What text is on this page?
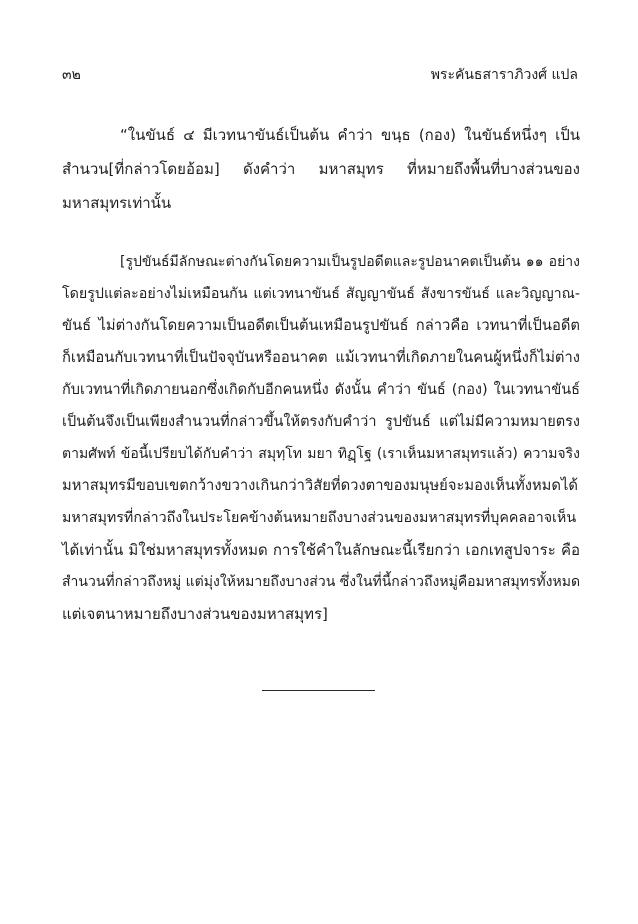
๓๒	พระคันธสาราภิวงศ์ แปล
“ในขันธ์ ๔ มีเวทนาขันธ์เป็นต้น คำว่า ขนฺธ (กอง) ในขันธ์หนึ่งๆ เป็น
สำนวน[ที่กล่าวโดยอ้อม] ดังคำว่า มหาสมุทร ที่หมายถึงพื้นที่บางส่วนของ
มหาสมุทรเท่านั้น
[รูปขันธ์มีลักษณะต่างกันโดยความเป็นรูปอดีตและรูปอนาคตเป็นต้น ๑๑ อย่าง
โดยรูปแต่ละอย่างไม่เหมือนกัน แต่เวทนาขันธ์ สัญญาขันธ์ สังขารขันธ์ และวิญญาณ-
ขันธ์ ไม่ต่างกันโดยความเป็นอดีตเป็นต้นเหมือนรูปขันธ์ กล่าวคือ เวทนาที่เป็นอดีต
ก็เหมือนกับเวทนาที่เป็นปัจจุบันหรืออนาคต แม้เวทนาที่เกิดภายในคนผู้หนึ่งก็ไม่ต่าง
กับเวทนาที่เกิดภายนอกซึ่งเกิดกับอีกคนหนึ่ง ดังนั้น คำว่า ขันธ์ (กอง) ในเวทนาขันธ์
เป็นต้นจึงเป็นเพียงสำนวนที่กล่าวขึ้นให้ตรงกับคำว่า รูปขันธ์ แต่ไม่มีความหมายตรง
ตามศัพท์ ข้อนี้เปรียบได้กับคำว่า สมุทฺโท มยา ทิฏฺโฐ (เราเห็นมหาสมุทรแล้ว) ความจริง
มหาสมุทรมีขอบเขตกว้างขวางเกินกว่าวิสัยที่ดวงตาของมนุษย์จะมองเห็นทั้งหมดได้
มหาสมุทรที่กล่าวถึงในประโยคข้างต้นหมายถึงบางส่วนของมหาสมุทรที่บุคคลอาจเห็น
ได้เท่านั้น มิใช่มหาสมุทรทั้งหมด การใช้คำในลักษณะนี้เรียกว่า เอกเทสูปจาระ คือ
สำนวนที่กล่าวถึงหมู่ แต่มุ่งให้หมายถึงบางส่วน ซึ่งในที่นี้กล่าวถึงหมู่คือมหาสมุทรทั้งหมด
แต่เจตนาหมายถึงบางส่วนของมหาสมุทร]
